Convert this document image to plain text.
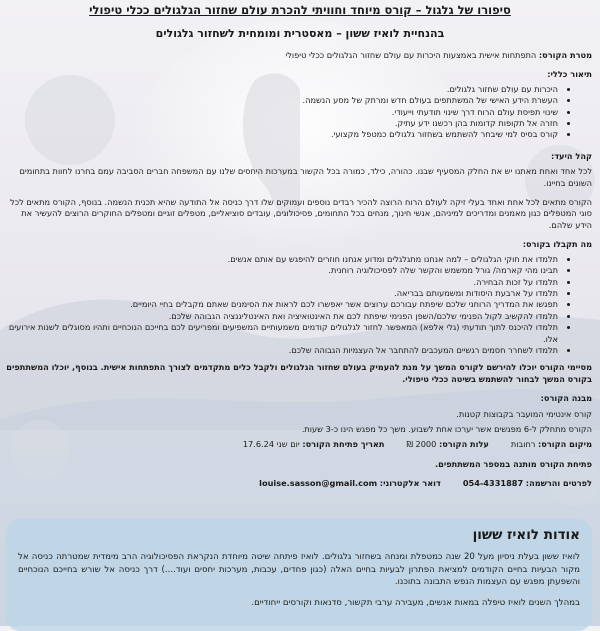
סיפורו של גלגול – קורס מיוחד וחוויתי להכרת עולם שחזור הגלגולים ככלי טיפולי
בהנחיית לואיז ששון – מאסטרית ומומחית לשחזור גלגולים

מטרת הקורס: התפתחות אישית באמצעות היכרות עם עולם שחזור הגלגולים ככלי טיפולי

תיאור כללי:

• היכרות עם עולם שחזור גלגולים.
• העשרת הידע האישי של המשתתפים בעולם חדש ומרתק של מסע הנשמה.
• שינוי תפיסת עולם הרוח דרך שינוי תודעתי וייעודי.
• חזרה אל תקופות קדומות בהן רכשנו ידע עתיק.
• קורס בסיס למי שיבחר להשתמש בשחזור גלגולים כמטפל מקצועי.

קהל היעד:

לכל אחד ואחת מאתנו יש את החלק המסעיף שבנו. כהורה, כילד, כמורה בכל הקשור במערכות היחסים שלנו עם המשפחה חברים הסביבה עמם בחרנו לחוות בתחומים השונים בחיינו.

הקורס מתאים לכל אחת ואחד בעלי זיקה לעולם הרוח הרוצה להכיר רבדים נוספים ועמוקים שלו דרך כניסה אל התודעה שהיא תכנית הנשמה. בנוסף, הקורס מתאים לכל סוגי המטפלים כגון מאמנים ומדריכים למיניהם, אנשי חינוך, מנחים בכל התחומים, פסיכולוגים, עובדים סוציאליים, מטפלים זוגיים ומטפלים החוקרים הרוצים להעשיר את הידע שלהם.

מה תקבלו בקורס:

• תלמדו את חוקי הגלגולים – למה אנחנו מתגלגלים ומדוע אנחנו חוזרים להיפגש עם אותם אנשים.
• תבינו מהי קארמה/ גורל ממשמש והקשר שלה לפסיכולוגיה רוחנית.
• תלמדו על זכות הבחירה.
• תלמדו על ארבעת היסודות ומשמעותם בבריאה.
• תפגשו את המדריך הרוחני שלכם שיפתח עבורכם ערוצים אשר יאפשרו לכם לראות את הסימנים שאתם מקבלים בחיי היומיים.
• תלמדו להקשיב לקול הפנימי שלכם/השפן הפנימי שיפתח לכם את האינטואיציה ואת האינטליגנציה הגבוהה שלכם.
• תלמדו להיכנס לתוך תודעתי (גלי אלפא) המאפשר לחזור לגלגולים קודמים משמעותיים המשפיעים ומפריעים לכם בחייכם הנוכחיים ותהיו מסוגלים לשנות אירועים אלו.
• תלמדו לשחרר חסמים רגשיים המעכבים להתחבר אל העצמיות הגבוהה שלכם.

מסיימי הקורס יוכלו להירשם לקורס המשך על מנת להעמיק בעולם שחזור הגלגולים ולקבל כלים מתקדמים לצורך התפתחות אישית. בנוסף, יוכלו המשתתפים בקורס המשך לבחור להשתמש בשיטה ככלי טיפולי.

מבנה הקורס:

קורס אינטימי המועבר בקבוצות קטנות.

הקורס מתחלק ל-6 מפגשים אשר יערכו אחת לשבוע. משך כל מפגש הינו כ-3 שעות.

מיקום הקורס: רחובות
עלות הקורס: 2000 ₪
תאריך פתיחת הקורס: יום שני 17.6.24

פתיחת הקורס מותנה במספר המשתתפים.

לפרטים והרשמה: 054-4331887
דואר אלקטרוני: louise.sasson@gmail.com
אודות לואיז ששון

לואיז ששון בעלת ניסיון מעל 20 שנה כמטפלת ומנחה בשחזור גלגולים. לואיז פיתחה שיטה מיוחדת הנקראת הפסיכולוגיה הרב מימדית שמטרתה כניסה אל מקור הבעיות בחיים הקודמים למציאת הפתרון לבעיות בחיים האלה (כגון פחדים, עכבות, מערכות יחסים ועוד....) דרך כניסה אל שורש בחייכם הנוכחיים והשפעתן מפגש עם העצמות הנפש התבונה בתוכנו.

במהלך השנים לואיז טיפלה במאות אנשים, מעבירה ערבי תקשור, סדנאות וקורסים ייחודיים.
